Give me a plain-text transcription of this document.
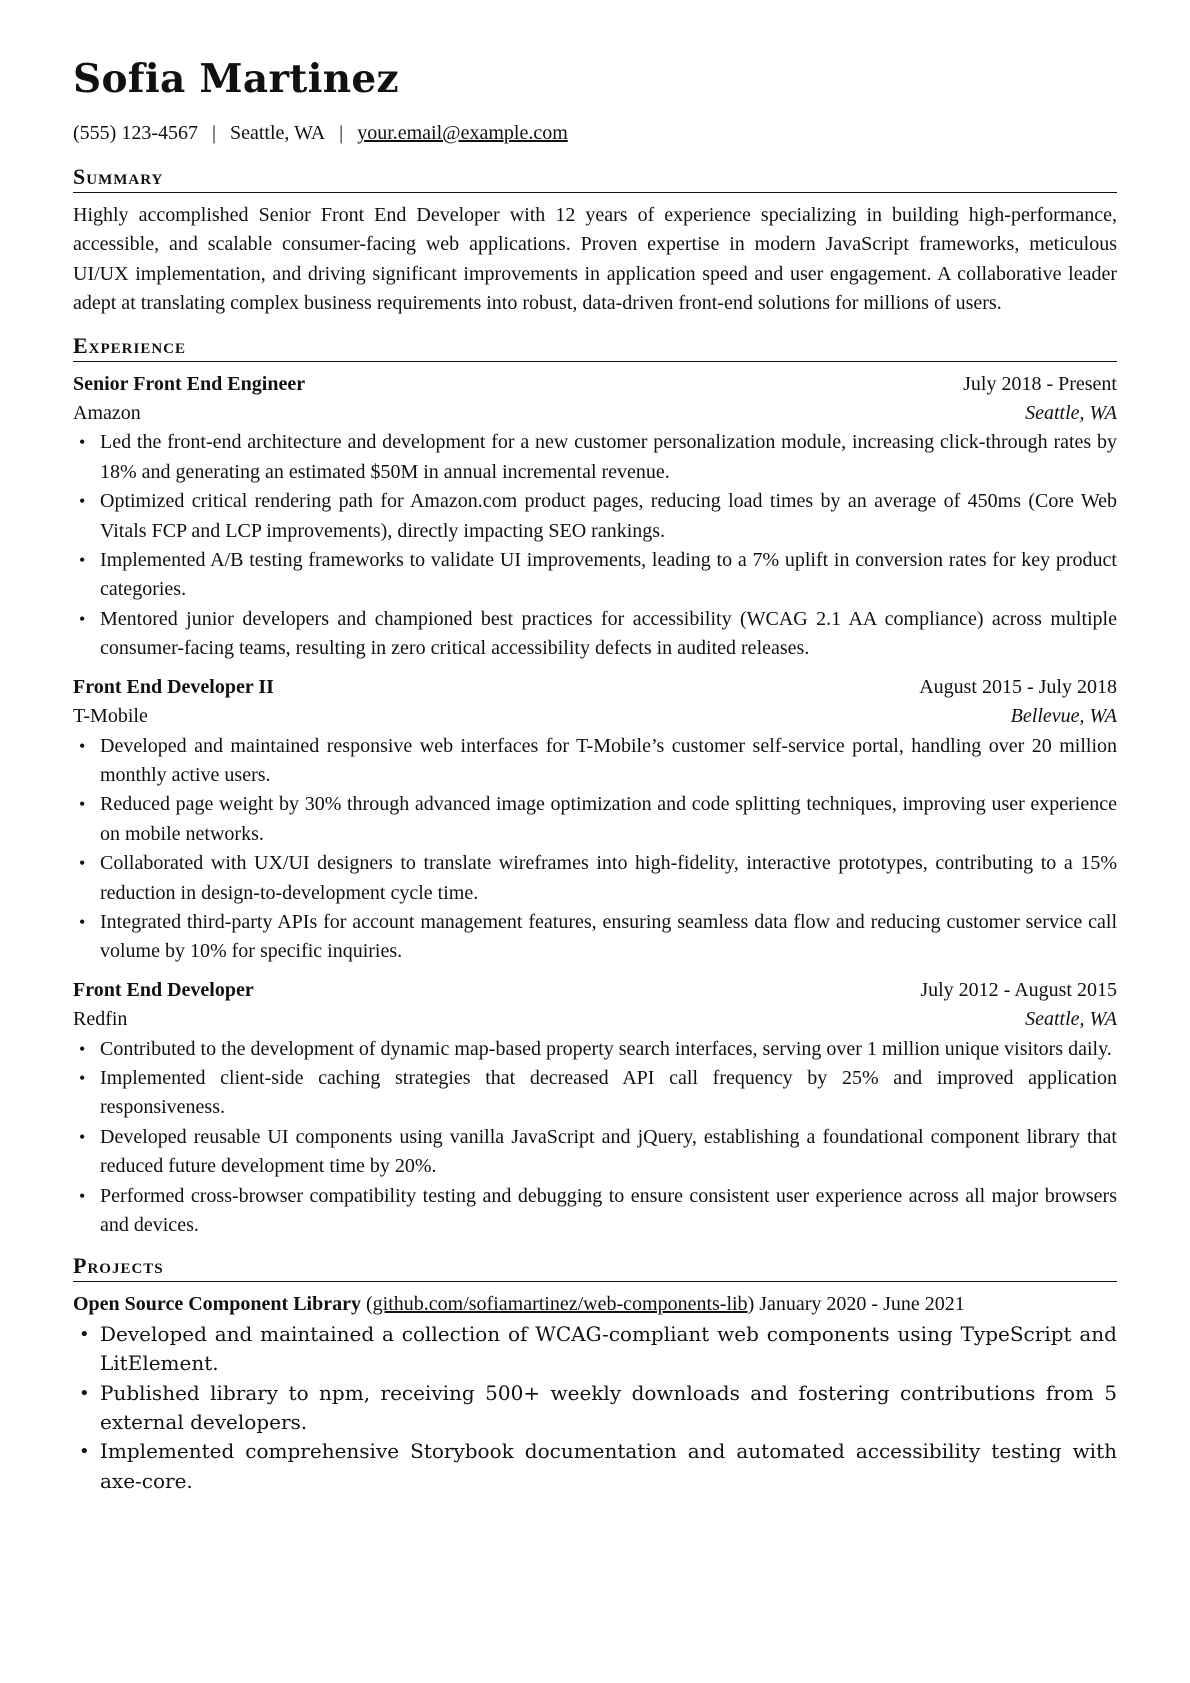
Sofia Martinez
(555) 123-4567 | Seattle, WA | your.email@example.com
Summary
Highly accomplished Senior Front End Developer with 12 years of experience specializing in building high-performance, accessible, and scalable consumer-facing web applications. Proven expertise in modern JavaScript frameworks, meticulous UI/UX implementation, and driving significant improvements in application speed and user engagement. A collaborative leader adept at translating complex business requirements into robust, data-driven front-end solutions for millions of users.
Experience
Senior Front End Engineer	July 2018 - Present
Amazon	Seattle, WA
• Led the front-end architecture and development for a new customer personalization module, increasing click-through rates by 18% and generating an estimated $50M in annual incremental revenue.
• Optimized critical rendering path for Amazon.com product pages, reducing load times by an average of 450ms (Core Web Vitals FCP and LCP improvements), directly impacting SEO rankings.
• Implemented A/B testing frameworks to validate UI improvements, leading to a 7% uplift in conversion rates for key product categories.
• Mentored junior developers and championed best practices for accessibility (WCAG 2.1 AA compliance) across multiple consumer-facing teams, resulting in zero critical accessibility defects in audited releases.
Front End Developer II	August 2015 - July 2018
T-Mobile	Bellevue, WA
• Developed and maintained responsive web interfaces for T-Mobile’s customer self-service portal, handling over 20 million monthly active users.
• Reduced page weight by 30% through advanced image optimization and code splitting techniques, improving user experience on mobile networks.
• Collaborated with UX/UI designers to translate wireframes into high-fidelity, interactive prototypes, contributing to a 15% reduction in design-to-development cycle time.
• Integrated third-party APIs for account management features, ensuring seamless data flow and reducing customer service call volume by 10% for specific inquiries.
Front End Developer	July 2012 - August 2015
Redfin	Seattle, WA
• Contributed to the development of dynamic map-based property search interfaces, serving over 1 million unique visitors daily.
• Implemented client-side caching strategies that decreased API call frequency by 25% and improved application responsiveness.
• Developed reusable UI components using vanilla JavaScript and jQuery, establishing a foundational component library that reduced future development time by 20%.
• Performed cross-browser compatibility testing and debugging to ensure consistent user experience across all major browsers and devices.
Projects
Open Source Component Library (github.com/sofiamartinez/web-components-lib) January 2020 - June 2021
• Developed and maintained a collection of WCAG-compliant web components using TypeScript and LitElement.
• Published library to npm, receiving 500+ weekly downloads and fostering contributions from 5 external developers.
• Implemented comprehensive Storybook documentation and automated accessibility testing with axe-core.
